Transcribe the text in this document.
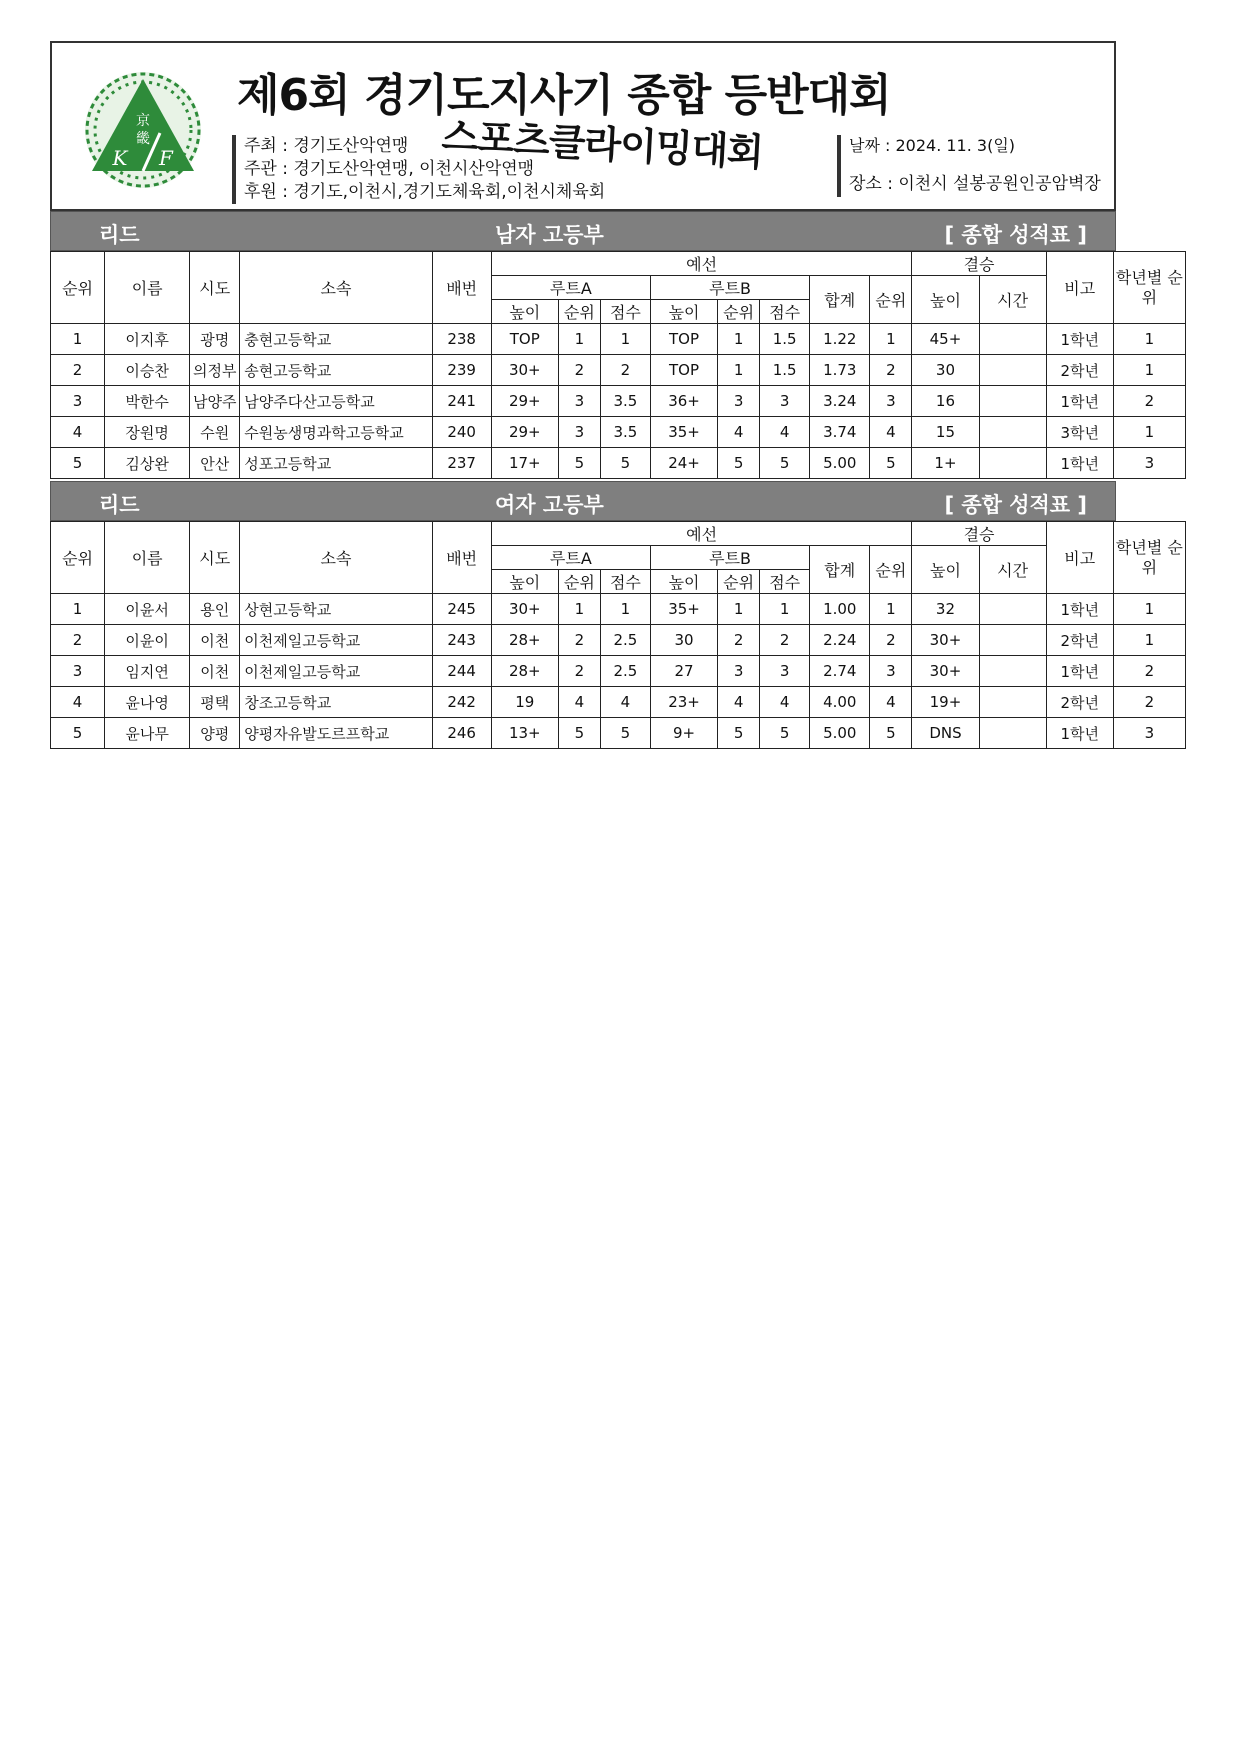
京
畿
K F
제6회 경기도지사기 종합 등반대회
스포츠클라이밍대회
주최 : 경기도산악연맹
주관 : 경기도산악연맹, 이천시산악연맹
후원 : 경기도,이천시,경기도체육회,이천시체육회
날짜 : 2024. 11. 3(일)
장소 : 이천시 설봉공원인공암벽장
리드	남자 고등부	[ 종합 성적표 ]
순위	이름	시도	소속	배번	예선								결승		비고	학년별 순위
					루트A			루트B			합계	순위	높이	시간		
					높이	순위	점수	높이	순위	점수						
1	이지후	광명	충현고등학교	238	TOP	1	1	TOP	1	1.5	1.22	1	45+		1학년	1
2	이승찬	의정부	송현고등학교	239	30+	2	2	TOP	1	1.5	1.73	2	30		2학년	1
3	박한수	남양주	남양주다산고등학교	241	29+	3	3.5	36+	3	3	3.24	3	16		1학년	2
4	장원명	수원	수원농생명과학고등학교	240	29+	3	3.5	35+	4	4	3.74	4	15		3학년	1
5	김상완	안산	성포고등학교	237	17+	5	5	24+	5	5	5.00	5	1+		1학년	3
리드	여자 고등부	[ 종합 성적표 ]
순위	이름	시도	소속	배번	예선								결승		비고	학년별 순위
					루트A			루트B			합계	순위	높이	시간		
					높이	순위	점수	높이	순위	점수						
1	이윤서	용인	상현고등학교	245	30+	1	1	35+	1	1	1.00	1	32		1학년	1
2	이윤이	이천	이천제일고등학교	243	28+	2	2.5	30	2	2	2.24	2	30+		2학년	1
3	임지연	이천	이천제일고등학교	244	28+	2	2.5	27	3	3	2.74	3	30+		1학년	2
4	윤나영	평택	창조고등학교	242	19	4	4	23+	4	4	4.00	4	19+		2학년	2
5	윤나무	양평	양평자유발도르프학교	246	13+	5	5	9+	5	5	5.00	5	DNS		1학년	3
